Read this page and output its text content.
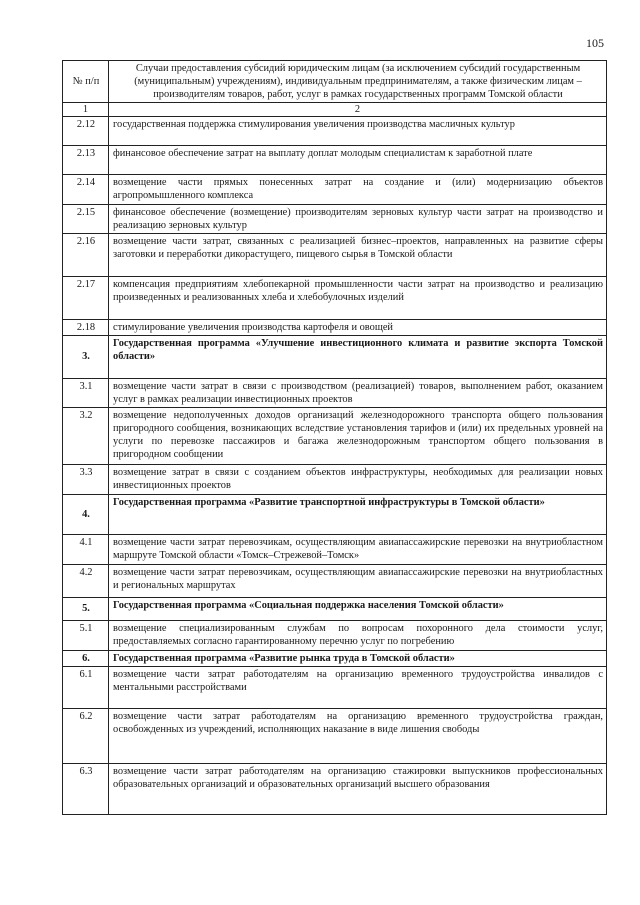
105
№ п/п	Случаи предоставления субсидий юридическим лицам (за исключением субсидий государственным (муниципальным) учреждениям), индивидуальным предпринимателям, а также физическим лицам – производителям товаров, работ, услуг в рамках государственных программ Томской области
1	2
2.12	государственная поддержка стимулирования увеличения производства масличных культур
2.13	финансовое обеспечение затрат на выплату доплат молодым специалистам к заработной плате
2.14	возмещение части прямых понесенных затрат на создание и (или) модернизацию объектов агропромышленного комплекса
2.15	финансовое обеспечение (возмещение) производителям зерновых культур части затрат на производство и реализацию зерновых культур
2.16	возмещение части затрат, связанных с реализацией бизнес–проектов, направленных на развитие сферы заготовки и переработки дикорастущего, пищевого сырья в Томской области
2.17	компенсация предприятиям хлебопекарной промышленности части затрат на производство и реализацию произведенных и реализованных хлеба и хлебобулочных изделий
2.18	стимулирование увеличения производства картофеля и овощей
3.	Государственная программа «Улучшение инвестиционного климата и развитие экспорта Томской области»
3.1	возмещение части затрат в связи с производством (реализацией) товаров, выполнением работ, оказанием услуг в рамках реализации инвестиционных проектов
3.2	возмещение недополученных доходов организаций железнодорожного транспорта общего пользования пригородного сообщения, возникающих вследствие установления тарифов и (или) их предельных уровней на услуги по перевозке пассажиров и багажа железнодорожным транспортом общего пользования в пригородном сообщении
3.3	возмещение затрат в связи с созданием объектов инфраструктуры, необходимых для реализации новых инвестиционных проектов
4.	Государственная программа «Развитие транспортной инфраструктуры в Томской области»
4.1	возмещение части затрат перевозчикам, осуществляющим авиапассажирские перевозки на внутриобластном маршруте Томской области «Томск–Стрежевой–Томск»
4.2	возмещение части затрат перевозчикам, осуществляющим авиапассажирские перевозки на внутриобластных и региональных маршрутах
5.	Государственная программа «Социальная поддержка населения Томской области»
5.1	возмещение специализированным службам по вопросам похоронного дела стоимости услуг, предоставляемых согласно гарантированному перечню услуг по погребению
6.	Государственная программа «Развитие рынка труда в Томской области»
6.1	возмещение части затрат работодателям на организацию временного трудоустройства инвалидов с ментальными расстройствами
6.2	возмещение части затрат работодателям на организацию временного трудоустройства граждан, освобожденных из учреждений, исполняющих наказание в виде лишения свободы
6.3	возмещение части затрат работодателям на организацию стажировки выпускников профессиональных образовательных организаций и образовательных организаций высшего образования
